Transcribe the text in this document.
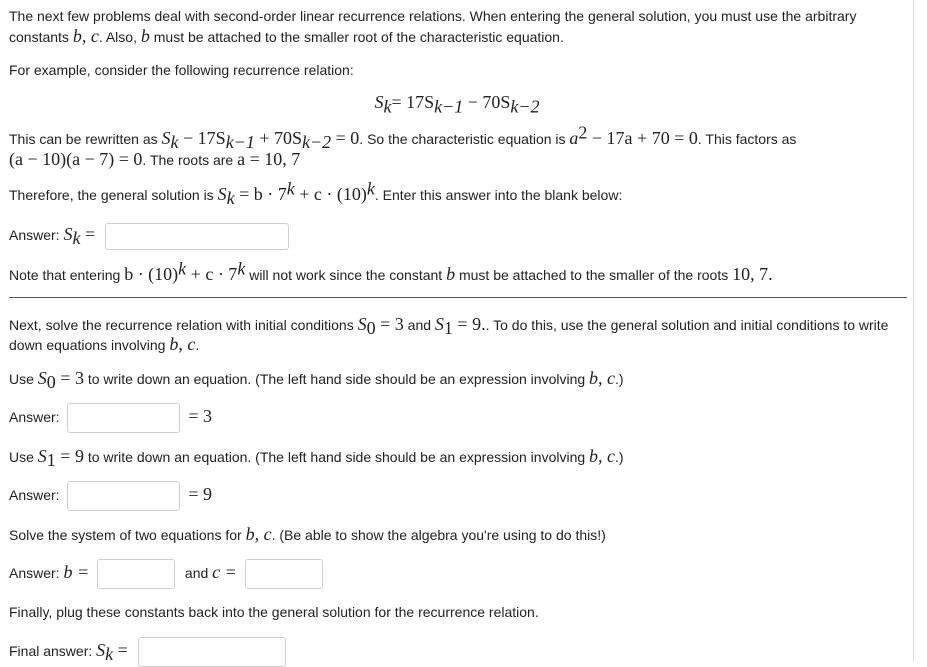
The next few problems deal with second-order linear recurrence relations. When entering the general solution, you must use the arbitrary
constants b, c. Also, b must be attached to the smaller root of the characteristic equation.
For example, consider the following recurrence relation:
$S_k= 17S_{k-1} - 70S_{k-2}$
This can be rewritten as $S_k - 17S_{k-1} + 70S_{k-2} = 0$. So the characteristic equation is $a^2 - 17a + 70 = 0$. This factors as
(a − 10)(a − 7) = 0. The roots are a = 10, 7
Therefore, the general solution is $S_k = b \cdot 7^k + c \cdot (10)^k$. Enter this answer into the blank below:
Answer: $S_k$ =
Note that entering $b \cdot (10)^k + c \cdot 7^k$ will not work since the constant b must be attached to the smaller of the roots 10, 7.
Next, solve the recurrence relation with initial conditions $S_0 = 3$ and $S_1 = 9$.. To do this, use the general solution and initial conditions to write
down equations involving b, c.
Use $S_0 = 3$ to write down an equation. (The left hand side should be an expression involving b, c.)
Answer:	= 3
Use $S_1 = 9$ to write down an equation. (The left hand side should be an expression involving b, c.)
Answer:	= 9
Solve the system of two equations for b, c. (Be able to show the algebra you're using to do this!)
Answer: b =	and c =
Finally, plug these constants back into the general solution for the recurrence relation.
Final answer: $S_k$ =
